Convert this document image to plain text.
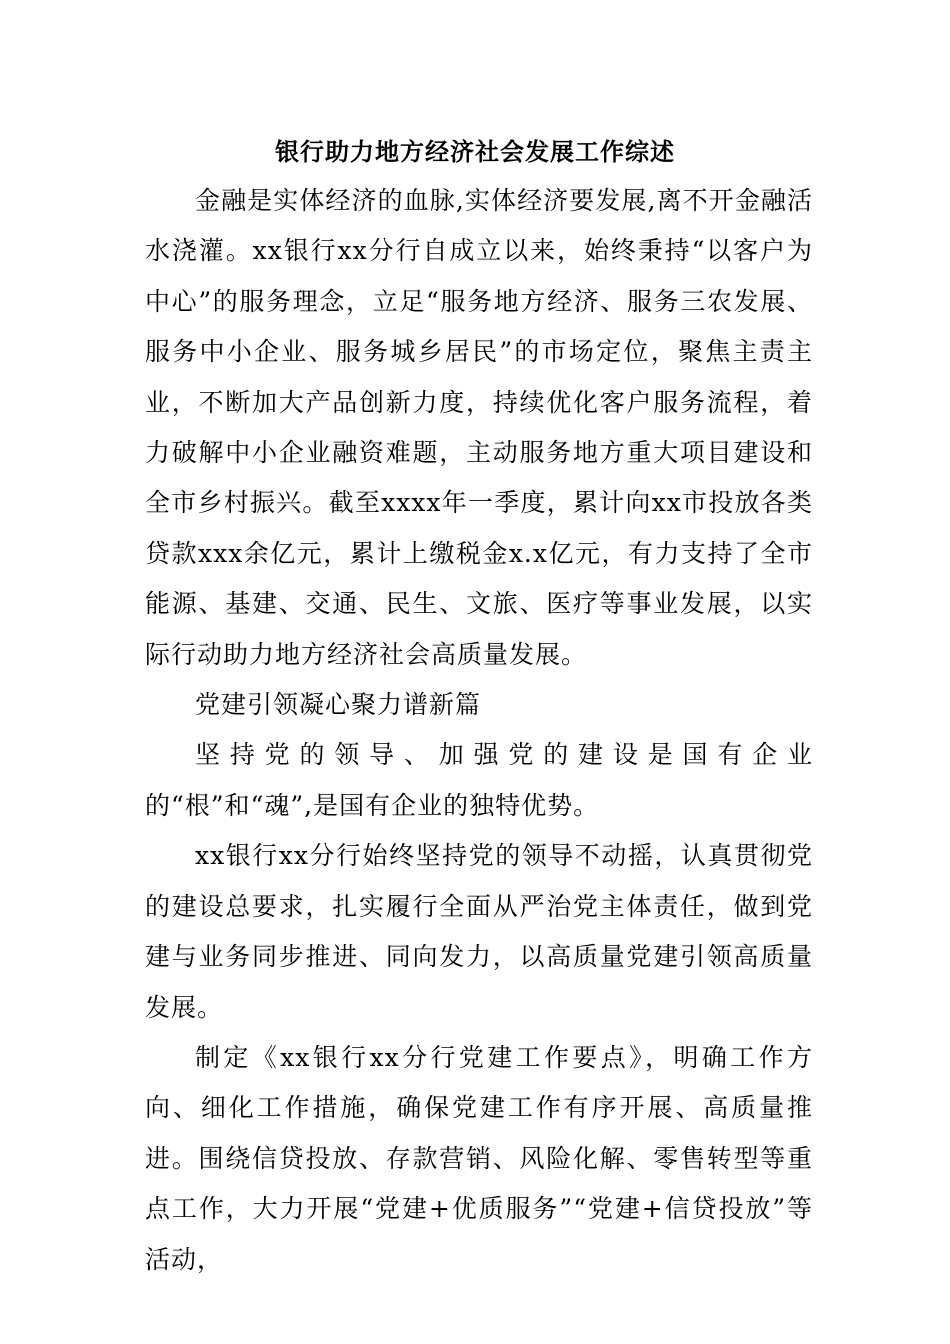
银行助力地方经济社会发展工作综述

金融是实体经济的血脉,实体经济要发展,离不开金融活水浇灌。xx银行xx分行自成立以来，始终秉持“以客户为中心”的服务理念，立足“服务地方经济、服务三农发展、服务中小企业、服务城乡居民”的市场定位，聚焦主责主业，不断加大产品创新力度，持续优化客户服务流程，着力破解中小企业融资难题，主动服务地方重大项目建设和全市乡村振兴。截至xxxx年一季度，累计向xx市投放各类贷款xxx余亿元，累计上缴税金x.x亿元，有力支持了全市能源、基建、交通、民生、文旅、医疗等事业发展，以实际行动助力地方经济社会高质量发展。

党建引领凝心聚力谱新篇

坚持党的领导、加强党的建设是国有企业的“根”和“魂”,是国有企业的独特优势。

xx银行xx分行始终坚持党的领导不动摇，认真贯彻党的建设总要求，扎实履行全面从严治党主体责任，做到党建与业务同步推进、同向发力，以高质量党建引领高质量发展。

制定《xx银行xx分行党建工作要点》，明确工作方向、细化工作措施，确保党建工作有序开展、高质量推进。围绕信贷投放、存款营销、风险化解、零售转型等重点工作，大力开展“党建+优质服务”“党建+信贷投放”等活动，
